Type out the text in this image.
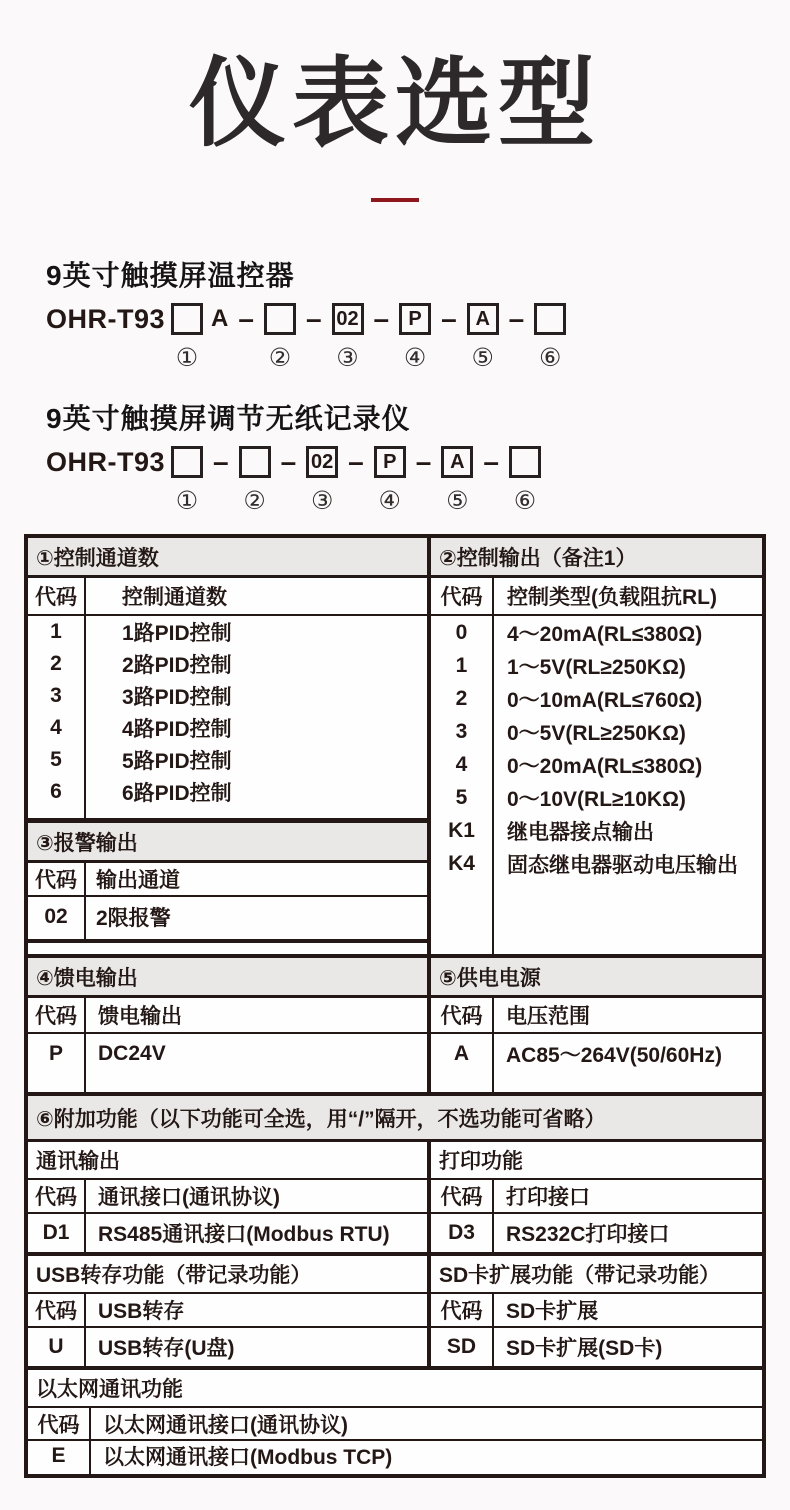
仪表选型
9英寸触摸屏温控器
OHR-T93 A
①
–
②
– 02
③
– P
④
– A
⑤
–
⑥
9英寸触摸屏调节无纸记录仪
OHR-T93
①
–
②
– 02
③
– P
④
– A
⑤
–
⑥
①控制通道数
代码	控制通道数
1	1路PID控制
2	2路PID控制
3	3路PID控制
4	4路PID控制
5	5路PID控制
6	6路PID控制
③报警输出
代码 输出通道
02	2限报警
②控制输出（备注1）
代码	控制类型(负载阻抗RL)
0	4～20mA(RL≤380Ω)
1	1～5V(RL≥250KΩ)
2	0～10mA(RL≤760Ω)
3	0～5V(RL≥250KΩ)
4	0～20mA(RL≤380Ω)
5	0～10V(RL≥10KΩ)
K1	继电器接点输出
K4	固态继电器驱动电压输出
④馈电输出
代码	馈电输出
P	DC24V
⑤供电电源
代码	电压范围
A	AC85～264V(50/60Hz)
⑥附加功能（以下功能可全选，用“/”隔开，不选功能可省略）
通讯输出
代码	通讯接口(通讯协议)
D1	RS485通讯接口(Modbus RTU)
打印功能
代码	打印接口
D3	RS232C打印接口
USB转存功能（带记录功能）
代码	USB转存
U	USB转存(U盘)
SD卡扩展功能（带记录功能）
代码	SD卡扩展
SD	SD卡扩展(SD卡)
以太网通讯功能
代码	以太网通讯接口(通讯协议)
E	以太网通讯接口(Modbus TCP)
